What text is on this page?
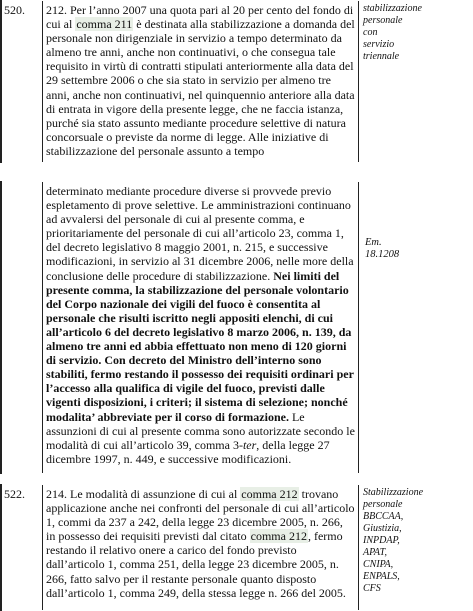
520. 212. Per l’anno 2007 una quota pari al 20 per cento del fondo di cui al comma 211 è destinata alla stabilizzazione a domanda del personale non dirigenziale in servizio a tempo determinato da almeno tre anni, anche non continuativi, o che consegua tale requisito in virtù di contratti stipulati anteriormente alla data del 29 settembre 2006 o che sia stato in servizio per almeno tre anni, anche non continuativi, nel quinquennio anteriore alla data di entrata in vigore della presente legge, che ne faccia istanza, purché sia stato assunto mediante procedure selettive di natura concorsuale o previste da norme di legge. Alle iniziative di stabilizzazione del personale assunto a tempo

stabilizzazione personale con servizio triennale

determinato mediante procedure diverse si provvede previo espletamento di prove selettive. Le amministrazioni continuano ad avvalersi del personale di cui al presente comma, e prioritariamente del personale di cui all’articolo 23, comma 1, del decreto legislativo 8 maggio 2001, n. 215, e successive modificazioni, in servizio al 31 dicembre 2006, nelle more della conclusione delle procedure di stabilizzazione. Nei limiti del presente comma, la stabilizzazione del personale volontario del Corpo nazionale dei vigili del fuoco è consentita al personale che risulti iscritto negli appositi elenchi, di cui all’articolo 6 del decreto legislativo 8 marzo 2006, n. 139, da almeno tre anni ed abbia effettuato non meno di 120 giorni di servizio. Con decreto del Ministro dell’interno sono stabiliti, fermo restando il possesso dei requisiti ordinari per l’accesso alla qualifica di vigile del fuoco, previsti dalle vigenti disposizioni, i criteri; il sistema di selezione; nonché modalita’ abbreviate per il corso di formazione. Le assunzioni di cui al presente comma sono autorizzate secondo le modalità di cui all’articolo 39, comma 3-ter, della legge 27 dicembre 1997, n. 449, e successive modificazioni.

Em. 18.1208

522. 214. Le modalità di assunzione di cui al comma 212 trovano applicazione anche nei confronti del personale di cui all’articolo 1, commi da 237 a 242, della legge 23 dicembre 2005, n. 266, in possesso dei requisiti previsti dal citato comma 212, fermo restando il relativo onere a carico del fondo previsto dall’articolo 1, comma 251, della legge 23 dicembre 2005, n. 266, fatto salvo per il restante personale quanto disposto dall’articolo 1, comma 249, della stessa legge n. 266 del 2005.

Stabilizzazione personale BBCCAA, Giustizia, INPDAP, APAT, CNIPA, ENPALS, CFS
